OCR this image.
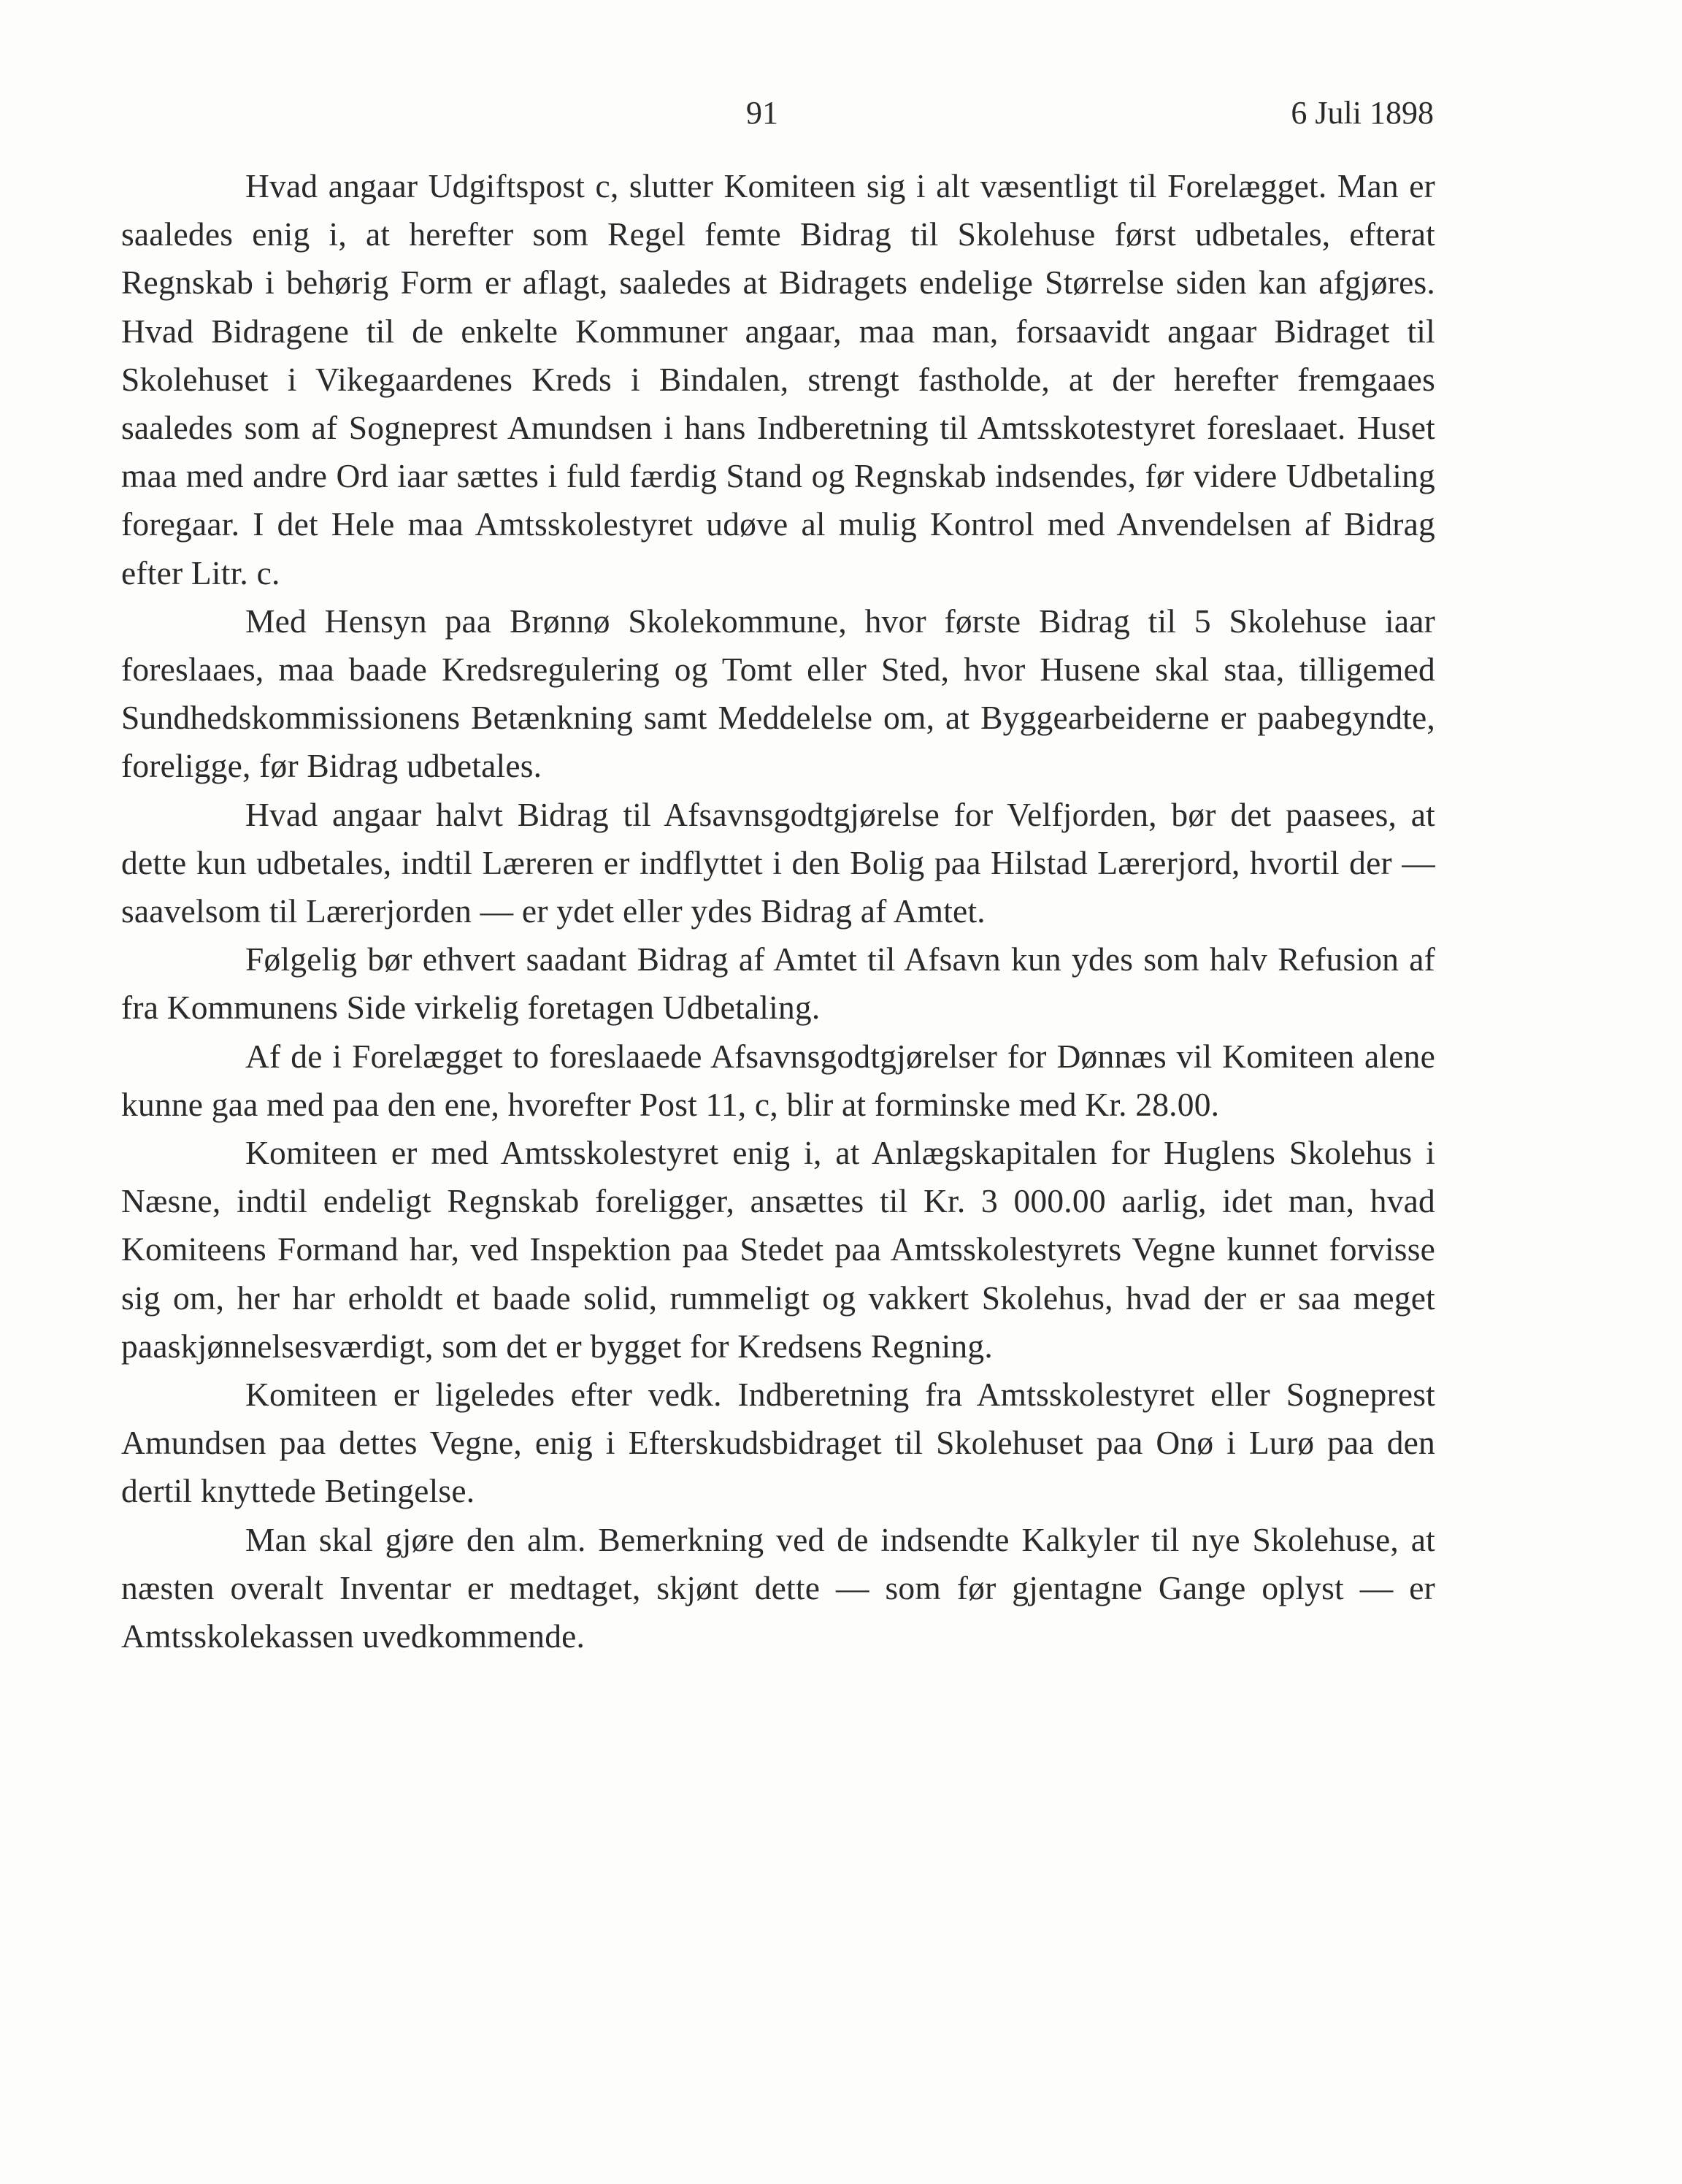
91	6 Juli 1898

Hvad angaar Udgiftspost c, slutter Komiteen sig i alt væsentligt til Forelægget. Man er saaledes enig i, at herefter som Regel femte Bidrag til Skolehuse først udbetales, efterat Regnskab i behørig Form er aflagt, saaledes at Bidragets endelige Størrelse siden kan afgjøres. Hvad Bidragene til de enkelte Kommuner angaar, maa man, forsaavidt angaar Bidraget til Skolehuset i Vikegaardenes Kreds i Bindalen, strengt fastholde, at der herefter fremgaaes saaledes som af Sogneprest Amundsen i hans Indberetning til Amtsskotestyret foreslaaet. Huset maa med andre Ord iaar sættes i fuld færdig Stand og Regnskab indsendes, før videre Udbetaling foregaar. I det Hele maa Amtsskolestyret udøve al mulig Kontrol med Anvendelsen af Bidrag efter Litr. c.

Med Hensyn paa Brønnø Skolekommune, hvor første Bidrag til 5 Skolehuse iaar foreslaaes, maa baade Kredsregulering og Tomt eller Sted, hvor Husene skal staa, tilligemed Sundhedskommissionens Betænkning samt Meddelelse om, at Byggearbeiderne er paabegyndte, foreligge, før Bidrag udbetales.

Hvad angaar halvt Bidrag til Afsavnsgodtgjørelse for Velfjorden, bør det paasees, at dette kun udbetales, indtil Læreren er indflyttet i den Bolig paa Hilstad Lærerjord, hvortil der — saavelsom til Lærerjorden — er ydet eller ydes Bidrag af Amtet.

Følgelig bør ethvert saadant Bidrag af Amtet til Afsavn kun ydes som halv Refusion af fra Kommunens Side virkelig foretagen Udbetaling.

Af de i Forelægget to foreslaaede Afsavnsgodtgjørelser for Dønnæs vil Komiteen alene kunne gaa med paa den ene, hvorefter Post 11, c, blir at forminske med Kr. 28.00.

Komiteen er med Amtsskolestyret enig i, at Anlægskapitalen for Huglens Skolehus i Næsne, indtil endeligt Regnskab foreligger, ansættes til Kr. 3 000.00 aarlig, idet man, hvad Komiteens Formand har, ved Inspektion paa Stedet paa Amtsskolestyrets Vegne kunnet forvisse sig om, her har erholdt et baade solid, rummeligt og vakkert Skolehus, hvad der er saa meget paaskjønnelsesværdigt, som det er bygget for Kredsens Regning.

Komiteen er ligeledes efter vedk. Indberetning fra Amtsskolestyret eller Sogneprest Amundsen paa dettes Vegne, enig i Efterskudsbidraget til Skolehuset paa Onø i Lurø paa den dertil knyttede Betingelse.

Man skal gjøre den alm. Bemerkning ved de indsendte Kalkyler til nye Skolehuse, at næsten overalt Inventar er medtaget, skjønt dette — som før gjentagne Gange oplyst — er Amtsskolekassen uvedkommende.
